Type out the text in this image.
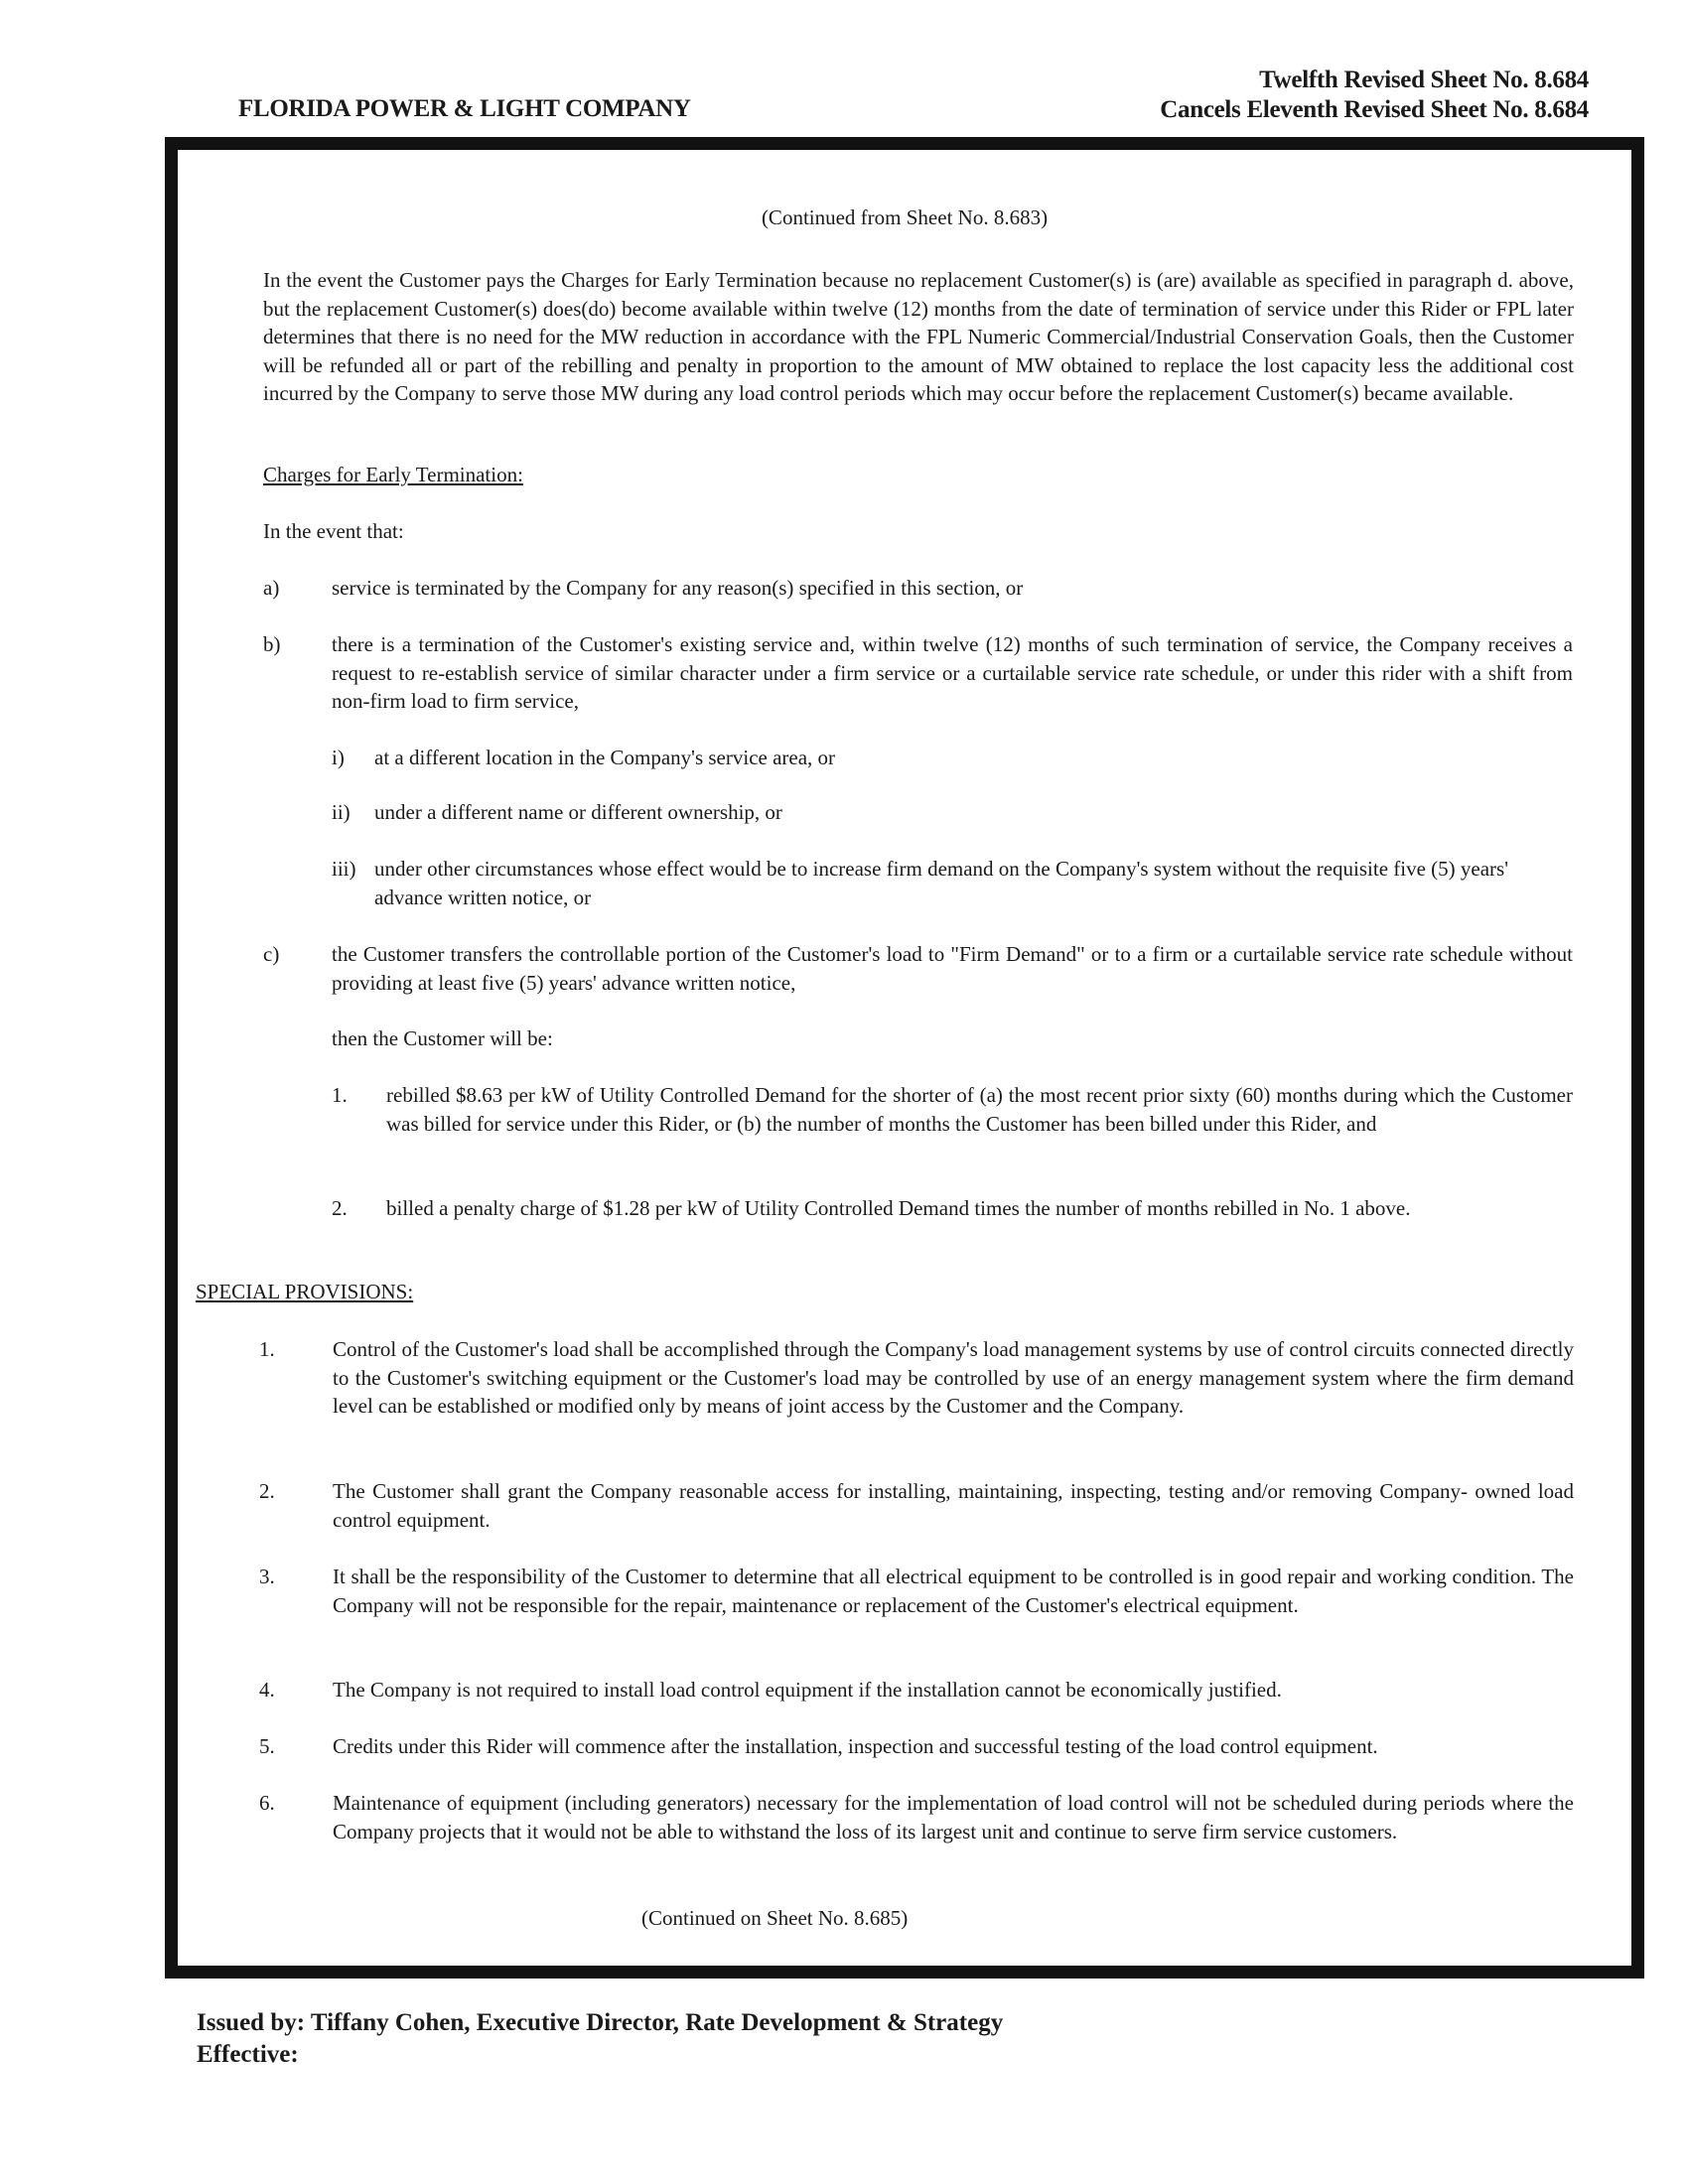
FLORIDA POWER & LIGHT COMPANY
Twelfth Revised Sheet No. 8.684
Cancels Eleventh Revised Sheet No. 8.684
(Continued from Sheet No. 8.683)
In the event the Customer pays the Charges for Early Termination because no replacement Customer(s) is (are) available as specified in paragraph d. above, but the replacement Customer(s) does(do) become available within twelve (12) months from the date of termination of service under this Rider or FPL later determines that there is no need for the MW reduction in accordance with the FPL Numeric Commercial/Industrial Conservation Goals, then the Customer will be refunded all or part of the rebilling and penalty in proportion to the amount of MW obtained to replace the lost capacity less the additional cost incurred by the Company to serve those MW during any load control periods which may occur before the replacement Customer(s) became available.
Charges for Early Termination:
In the event that:
a)	service is terminated by the Company for any reason(s) specified in this section, or
b) there is a termination of the Customer's existing service and, within twelve (12) months of such termination of service, the Company receives a request to re-establish service of similar character under a firm service or a curtailable service rate schedule, or under this rider with a shift from non-firm load to firm service,
i) at a different location in the Company's service area, or
ii) under a different name or different ownership, or
iii) under other circumstances whose effect would be to increase firm demand on the Company's system without the requisite five (5) years' advance written notice, or
c)	the Customer transfers the controllable portion of the Customer's load to "Firm Demand" or to a firm or a curtailable service rate schedule without providing at least five (5) years' advance written notice,
then the Customer will be:
1. rebilled $8.63 per kW of Utility Controlled Demand for the shorter of (a) the most recent prior sixty (60) months during which the Customer was billed for service under this Rider, or (b) the number of months the Customer has been billed under this Rider, and
2. billed a penalty charge of $1.28 per kW of Utility Controlled Demand times the number of months rebilled in No. 1 above.
SPECIAL PROVISIONS:
1.	Control of the Customer's load shall be accomplished through the Company's load management systems by use of control circuits connected directly to the Customer's switching equipment or the Customer's load may be controlled by use of an energy management system where the firm demand level can be established or modified only by means of joint access by the Customer and the Company.
2.	The Customer shall grant the Company reasonable access for installing, maintaining, inspecting, testing and/or removing Company- owned load control equipment.
3.	It shall be the responsibility of the Customer to determine that all electrical equipment to be controlled is in good repair and working condition. The Company will not be responsible for the repair, maintenance or replacement of the Customer's electrical equipment.
4.	The Company is not required to install load control equipment if the installation cannot be economically justified.
5.	Credits under this Rider will commence after the installation, inspection and successful testing of the load control equipment.
6.	Maintenance of equipment (including generators) necessary for the implementation of load control will not be scheduled during periods where the Company projects that it would not be able to withstand the loss of its largest unit and continue to serve firm service customers.
(Continued on Sheet No. 8.685)
Issued by: Tiffany Cohen, Executive Director, Rate Development & Strategy
Effective:
